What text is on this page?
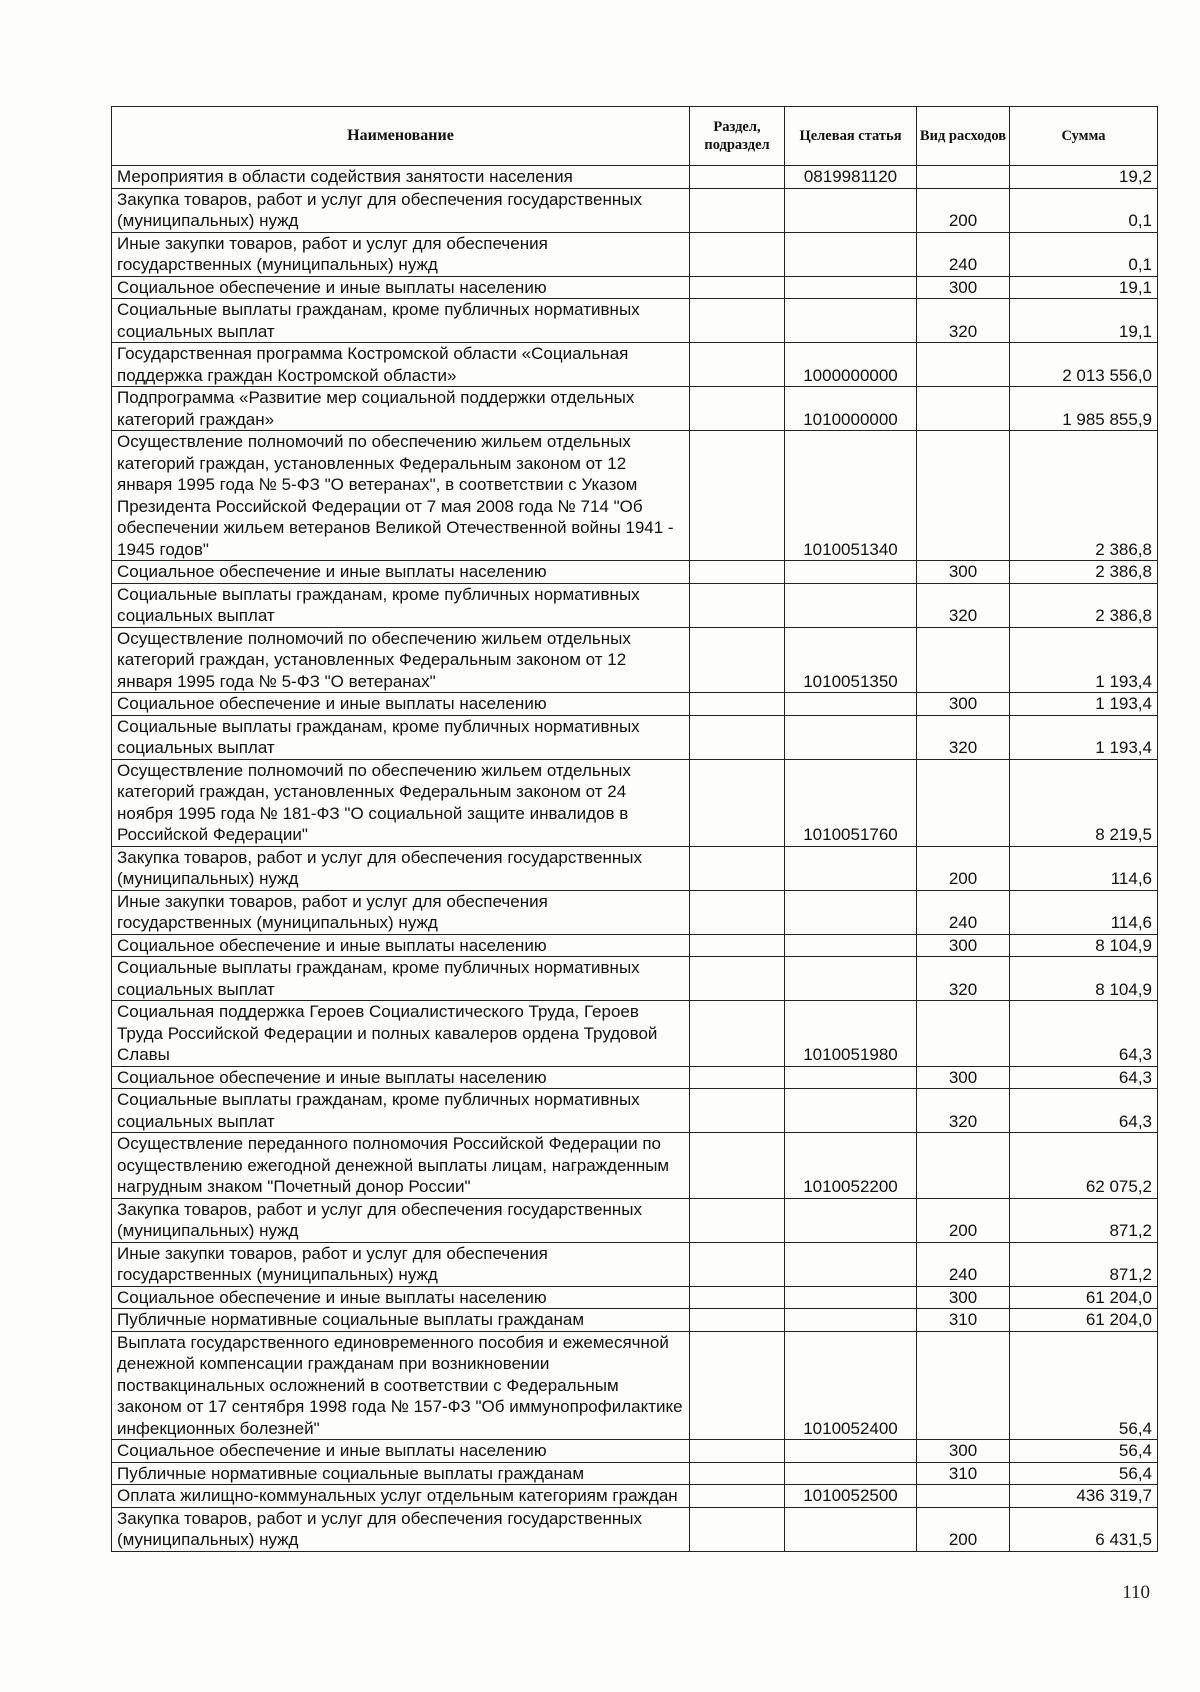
Наименование	Раздел, подраздел	Целевая статья	Вид расходов	Сумма
Мероприятия в области содействия занятости населения		0819981120		19,2
Закупка товаров, работ и услуг для обеспечения государственных (муниципальных) нужд			200	0,1
Иные закупки товаров, работ и услуг для обеспечения государственных (муниципальных) нужд			240	0,1
Социальное обеспечение и иные выплаты населению			300	19,1
Социальные выплаты гражданам, кроме публичных нормативных социальных выплат			320	19,1
Государственная программа Костромской области «Социальная поддержка граждан Костромской области»		1000000000		2 013 556,0
Подпрограмма «Развитие мер социальной поддержки отдельных категорий граждан»		1010000000		1 985 855,9
Осуществление полномочий по обеспечению жильем отдельных категорий граждан, установленных Федеральным законом от 12 января 1995 года № 5-ФЗ "О ветеранах", в соответствии с Указом Президента Российской Федерации от 7 мая 2008 года № 714 "Об обеспечении жильем ветеранов Великой Отечественной войны 1941 - 1945 годов"		1010051340		2 386,8
Социальное обеспечение и иные выплаты населению			300	2 386,8
Социальные выплаты гражданам, кроме публичных нормативных социальных выплат			320	2 386,8
Осуществление полномочий по обеспечению жильем отдельных категорий граждан, установленных Федеральным законом от 12 января 1995 года № 5-ФЗ "О ветеранах"		1010051350		1 193,4
Социальное обеспечение и иные выплаты населению			300	1 193,4
Социальные выплаты гражданам, кроме публичных нормативных социальных выплат			320	1 193,4
Осуществление полномочий по обеспечению жильем отдельных категорий граждан, установленных Федеральным законом от 24 ноября 1995 года № 181-ФЗ "О социальной защите инвалидов в Российской Федерации"		1010051760		8 219,5
Закупка товаров, работ и услуг для обеспечения государственных (муниципальных) нужд			200	114,6
Иные закупки товаров, работ и услуг для обеспечения государственных (муниципальных) нужд			240	114,6
Социальное обеспечение и иные выплаты населению			300	8 104,9
Социальные выплаты гражданам, кроме публичных нормативных социальных выплат			320	8 104,9
Социальная поддержка Героев Социалистического Труда, Героев Труда Российской Федерации и полных кавалеров ордена Трудовой Славы		1010051980		64,3
Социальное обеспечение и иные выплаты населению			300	64,3
Социальные выплаты гражданам, кроме публичных нормативных социальных выплат			320	64,3
Осуществление переданного полномочия Российской Федерации по осуществлению ежегодной денежной выплаты лицам, награжденным нагрудным знаком "Почетный донор России"		1010052200		62 075,2
Закупка товаров, работ и услуг для обеспечения государственных (муниципальных) нужд			200	871,2
Иные закупки товаров, работ и услуг для обеспечения государственных (муниципальных) нужд			240	871,2
Социальное обеспечение и иные выплаты населению			300	61 204,0
Публичные нормативные социальные выплаты гражданам			310	61 204,0
Выплата государственного единовременного пособия и ежемесячной денежной компенсации гражданам при возникновении поствакцинальных осложнений в соответствии с Федеральным законом от 17 сентября 1998 года № 157-ФЗ "Об иммунопрофилактике инфекционных болезней"		1010052400		56,4
Социальное обеспечение и иные выплаты населению			300	56,4
Публичные нормативные социальные выплаты гражданам			310	56,4
Оплата жилищно-коммунальных услуг отдельным категориям граждан		1010052500		436 319,7
Закупка товаров, работ и услуг для обеспечения государственных (муниципальных) нужд			200	6 431,5
110
